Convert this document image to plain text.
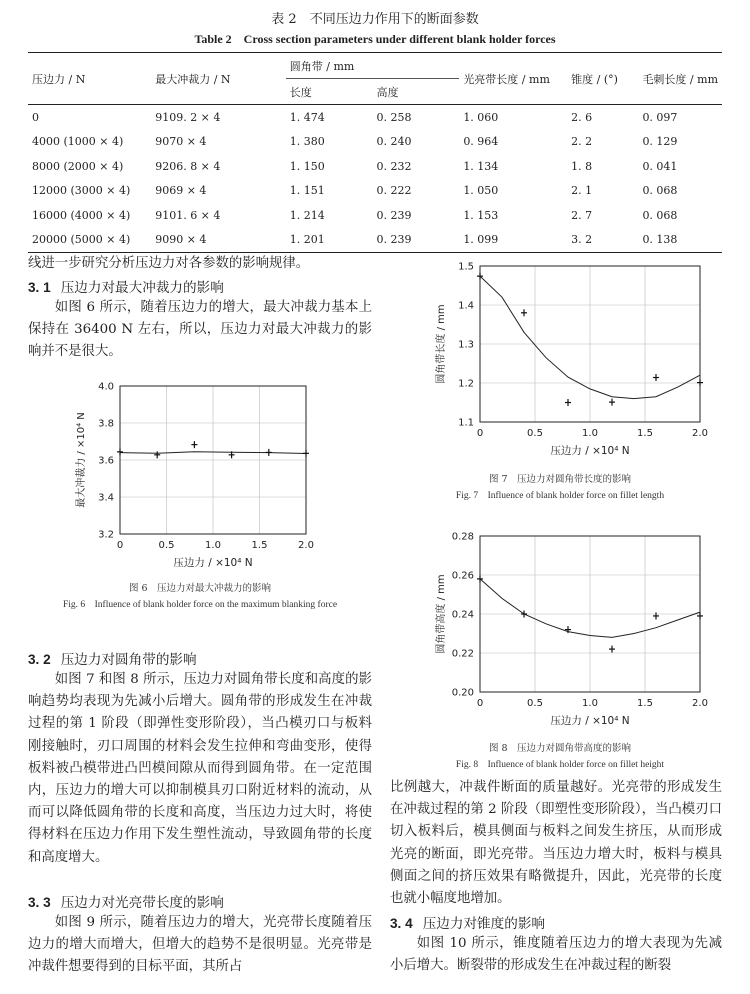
表 2　不同压边力作用下的断面参数
Table 2　Cross section parameters under different blank holder forces
压边力 / N	最大冲裁力 / N	圆角带 / mm		光亮带长度 / mm	锥度 / (°)	毛刺长度 / mm
		长度	高度			
0	9109. 2 × 4	1. 474	0. 258	1. 060	2. 6	0. 097
4000 (1000 × 4)	9070 × 4	1. 380	0. 240	0. 964	2. 2	0. 129
8000 (2000 × 4)	9206. 8 × 4	1. 150	0. 232	1. 134	1. 8	0. 041
12000 (3000 × 4)	9069 × 4	1. 151	0. 222	1. 050	2. 1	0. 068
16000 (4000 × 4)	9101. 6 × 4	1. 214	0. 239	1. 153	2. 7	0. 068
20000 (5000 × 4)	9090 × 4	1. 201	0. 239	1. 099	3. 2	0. 138

线进一步研究分析压边力对各参数的影响规律。

3. 1 压边力对最大冲裁力的影响

如图 6 所示，随着压边力的增大，最大冲裁力基本上保持在 36400 N 左右，所以，压边力对最大冲裁力的影响并不是很大。

0	0.5	1.0	1.5	2.0
3.2
3.4
3.6
3.8
4.0
压边力 / ×10⁴ N
最大冲裁力 / ×10⁴ N
图 6　压边力对最大冲裁力的影响
Fig. 6　Influence of blank holder force on the maximum blanking force
3. 2 压边力对圆角带的影响

如图 7 和图 8 所示，压边力对圆角带长度和高度的影响趋势均表现为先减小后增大。圆角带的形成发生在冲裁过程的第 1 阶段（即弹性变形阶段），当凸模刃口与板料刚接触时，刃口周围的材料会发生拉伸和弯曲变形，使得板料被凸模带进凸凹模间隙从而得到圆角带。在一定范围内，压边力的增大可以抑制模具刃口附近材料的流动，从而可以降低圆角带的长度和高度，当压边力过大时，将使得材料在压边力作用下发生塑性流动，导致圆角带的长度和高度增大。

3. 3 压边力对光亮带长度的影响

如图 9 所示，随着压边力的增大，光亮带长度随着压边力的增大而增大，但增大的趋势不是很明显。光亮带是冲裁件想要得到的目标平面，其所占

0	0.5	1.0	1.5	2.0
1.1
1.2
1.3
1.4
1.5
压边力 / ×10⁴ N
圆角带长度 / mm
图 7　压边力对圆角带长度的影响
Fig. 7　Influence of blank holder force on fillet length
0	0.5	1.0	1.5	2.0
0.20
0.22
0.24
0.26
0.28
压边力 / ×10⁴ N
圆角带高度 / mm
图 8　压边力对圆角带高度的影响
Fig. 8　Influence of blank holder force on fillet height

比例越大，冲裁件断面的质量越好。光亮带的形成发生在冲裁过程的第 2 阶段（即塑性变形阶段），当凸模刃口切入板料后，模具侧面与板料之间发生挤压，从而形成光亮的断面，即光亮带。当压边力增大时，板料与模具侧面之间的挤压效果有略微提升，因此，光亮带的长度也就小幅度地增加。

3. 4 压边力对锥度的影响

如图 10 所示，锥度随着压边力的增大表现为先减小后增大。断裂带的形成发生在冲裁过程的断裂
